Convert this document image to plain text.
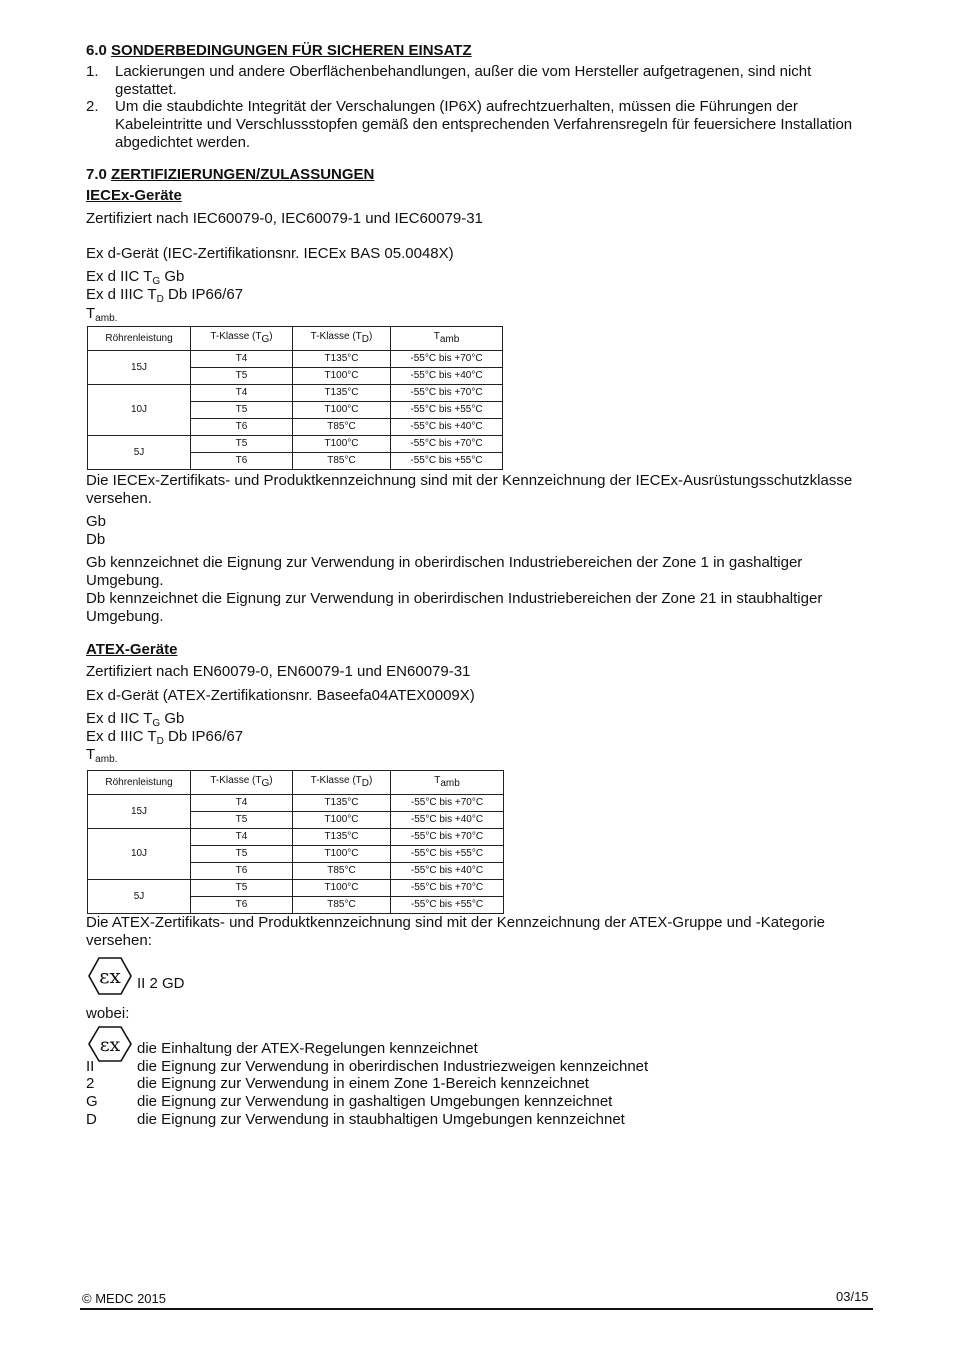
6.0 SONDERBEDINGUNGEN FÜR SICHEREN EINSATZ
1. Lackierungen und andere Oberflächenbehandlungen, außer die vom Hersteller aufgetragenen, sind nicht gestattet.
2. Um die staubdichte Integrität der Verschalungen (IP6X) aufrechtzuerhalten, müssen die Führungen der Kabeleintritte und Verschlussstopfen gemäß den entsprechenden Verfahrensregeln für feuersichere Installation abgedichtet werden.
7.0 ZERTIFIZIERUNGEN/ZULASSUNGEN
IECEx-Geräte
Zertifiziert nach IEC60079-0, IEC60079-1 und IEC60079-31
Ex d-Gerät (IEC-Zertifikationsnr. IECEx BAS 05.0048X)
Ex d IIC $T_G$ Gb
Ex d IIIC $T_D$ Db IP66/67
$T_{amb.}$
Röhrenleistung	T-Klasse (TG)	T-Klasse (TD)	Tamb
15J	T4	T135°C	-55°C bis +70°C
	T5	T100°C	-55°C bis +40°C
10J	T4	T135°C	-55°C bis +70°C
	T5	T100°C	-55°C bis +55°C
	T6	T85°C	-55°C bis +40°C
5J	T5	T100°C	-55°C bis +70°C
	T6	T85°C	-55°C bis +55°C
Die IECEx-Zertifikats- und Produktkennzeichnung sind mit der Kennzeichnung der IECEx-Ausrüstungsschutzklasse versehen.
Gb
Db
Gb kennzeichnet die Eignung zur Verwendung in oberirdischen Industriebereichen der Zone 1 in gashaltiger Umgebung.
Db kennzeichnet die Eignung zur Verwendung in oberirdischen Industriebereichen der Zone 21 in staubhaltiger Umgebung.
ATEX-Geräte
Zertifiziert nach EN60079-0, EN60079-1 und EN60079-31
Ex d-Gerät (ATEX-Zertifikationsnr. Baseefa04ATEX0009X)
Ex d IIC $T_G$ Gb
Ex d IIIC $T_D$ Db IP66/67
$T_{amb.}$
Röhrenleistung	T-Klasse (TG)	T-Klasse (TD)	Tamb
15J	T4	T135°C	-55°C bis +70°C
	T5	T100°C	-55°C bis +40°C
10J	T4	T135°C	-55°C bis +70°C
	T5	T100°C	-55°C bis +55°C
	T6	T85°C	-55°C bis +40°C
5J	T5	T100°C	-55°C bis +70°C
	T6	T85°C	-55°C bis +55°C
Die ATEX-Zertifikats- und Produktkennzeichnung sind mit der Kennzeichnung der ATEX-Gruppe und -Kategorie versehen:
εx II 2 GD
wobei:
εx die Einhaltung der ATEX-Regelungen kennzeichnet
II	die Eignung zur Verwendung in oberirdischen Industriezweigen kennzeichnet
2	die Eignung zur Verwendung in einem Zone 1-Bereich kennzeichnet
G	die Eignung zur Verwendung in gashaltigen Umgebungen kennzeichnet
D	die Eignung zur Verwendung in staubhaltigen Umgebungen kennzeichnet
© MEDC 2015	03/15
